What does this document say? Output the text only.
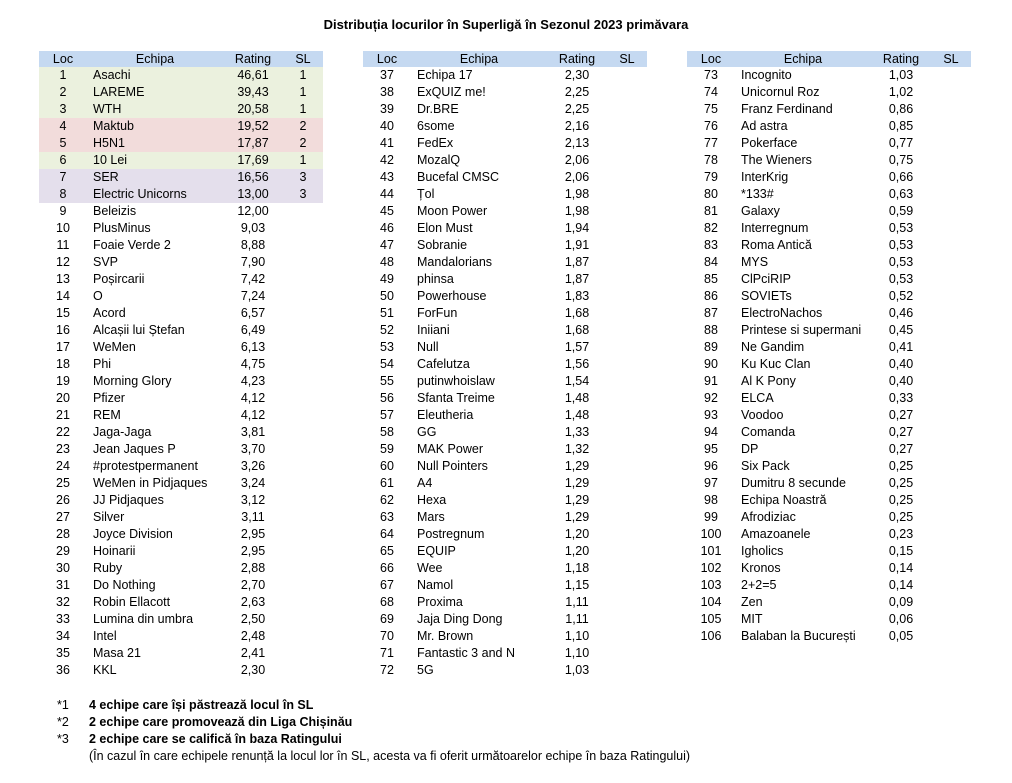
Distribuția locurilor în Superligă în Sezonul 2023 primăvara
Loc	Echipa	Rating	SL
1	Asachi	46,61	1
2	LAREME	39,43	1
3	WTH	20,58	1
4	Maktub	19,52	2
5	H5N1	17,87	2
6	10 Lei	17,69	1
7	SER	16,56	3
8	Electric Unicorns	13,00	3
9	Beleizis	12,00	
10	PlusMinus	9,03	
11	Foaie Verde 2	8,88	
12	SVP	7,90	
13	Poșircarii	7,42	
14	O	7,24	
15	Acord	6,57	
16	Alcașii lui Ștefan	6,49	
17	WeMen	6,13	
18	Phi	4,75	
19	Morning Glory	4,23	
20	Pfizer	4,12	
21	REM	4,12	
22	Jaga-Jaga	3,81	
23	Jean Jaques P	3,70	
24	#protestpermanent	3,26	
25	WeMen in Pidjaques	3,24	
26	JJ Pidjaques	3,12	
27	Silver	3,11	
28	Joyce Division	2,95	
29	Hoinarii	2,95	
30	Ruby	2,88	
31	Do Nothing	2,70	
32	Robin Ellacott	2,63	
33	Lumina din umbra	2,50	
34	Intel	2,48	
35	Masa 21	2,41	
36	KKL	2,30	
Loc	Echipa	Rating	SL
37	Echipa 17	2,30	
38	ExQUIZ me!	2,25	
39	Dr.BRE	2,25	
40	6some	2,16	
41	FedEx	2,13	
42	MozalQ	2,06	
43	Bucefal CMSC	2,06	
44	Țol	1,98	
45	Moon Power	1,98	
46	Elon Must	1,94	
47	Sobranie	1,91	
48	Mandalorians	1,87	
49	phinsa	1,87	
50	Powerhouse	1,83	
51	ForFun	1,68	
52	Iniiani	1,68	
53	Null	1,57	
54	Cafelutza	1,56	
55	putinwhoislaw	1,54	
56	Sfanta Treime	1,48	
57	Eleutheria	1,48	
58	GG	1,33	
59	MAK Power	1,32	
60	Null Pointers	1,29	
61	A4	1,29	
62	Hexa	1,29	
63	Mars	1,29	
64	Postregnum	1,20	
65	EQUIP	1,20	
66	Wee	1,18	
67	Namol	1,15	
68	Proxima	1,11	
69	Jaja Ding Dong	1,11	
70	Mr. Brown	1,10	
71	Fantastic 3 and N	1,10	
72	5G	1,03	
Loc	Echipa	Rating	SL
73	Incognito	1,03	
74	Unicornul Roz	1,02	
75	Franz Ferdinand	0,86	
76	Ad astra	0,85	
77	Pokerface	0,77	
78	The Wieners	0,75	
79	InterKrig	0,66	
80	*133#	0,63	
81	Galaxy	0,59	
82	Interregnum	0,53	
83	Roma Antică	0,53	
84	MYS	0,53	
85	ClPciRIP	0,53	
86	SOVIETs	0,52	
87	ElectroNachos	0,46	
88	Printese si supermani	0,45	
89	Ne Gandim	0,41	
90	Ku Kuc Clan	0,40	
91	Al K Pony	0,40	
92	ELCA	0,33	
93	Voodoo	0,27	
94	Comanda	0,27	
95	DP	0,27	
96	Six Pack	0,25	
97	Dumitru 8 secunde	0,25	
98	Echipa Noastră	0,25	
99	Afrodiziac	0,25	
100	Amazoanele	0,23	
101	Igholics	0,15	
102	Kronos	0,14	
103	2+2=5	0,14	
104	Zen	0,09	
105	MIT	0,06	
106	Balaban la București	0,05	
*1 4 echipe care își păstrează locul în SL
*2 2 echipe care promovează din Liga Chișinău
*3 2 echipe care se califică în baza Ratingului
(În cazul în care echipele renunță la locul lor în SL, acesta va fi oferit următoarelor echipe în baza Ratingului)
